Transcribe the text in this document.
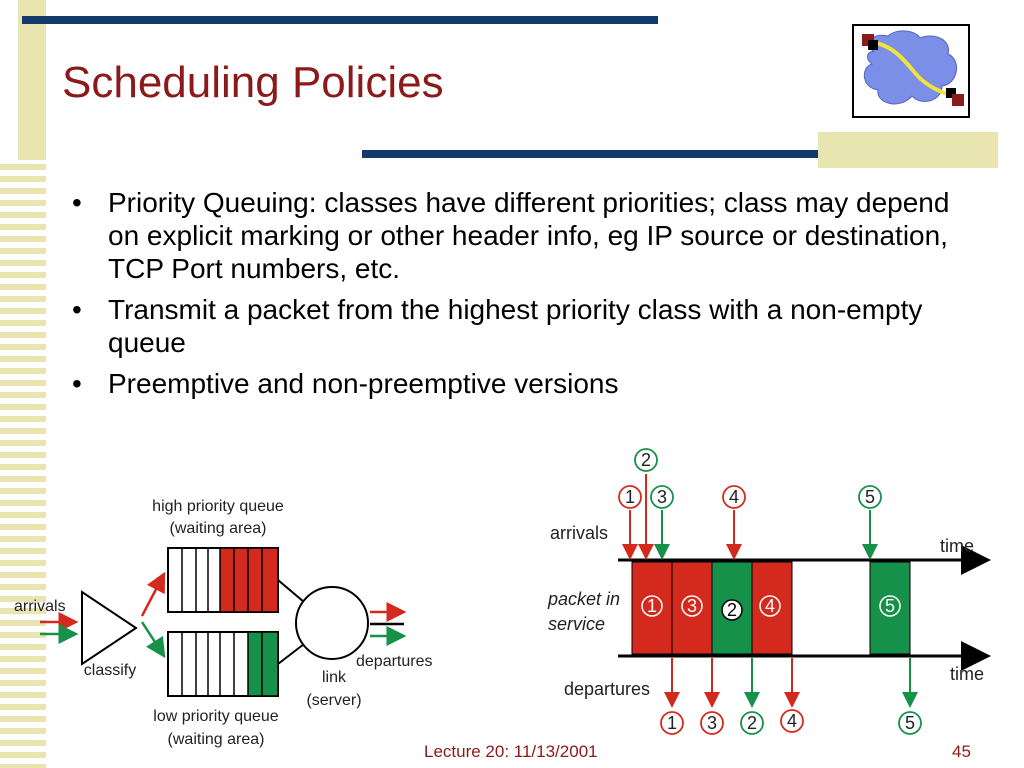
Scheduling Policies
• Priority Queuing: classes have different priorities; class may depend on explicit marking or other header info, eg IP source or destination, TCP Port numbers, etc.
• Transmit a packet from the highest priority class with a non-empty queue
• Preemptive and non-preemptive versions
high priority queue
(waiting area)
arrivals
classify	link
(server)
departures
low priority queue
(waiting area)
arrivals
packet in
service
departures
time
time
1 3 2 4	5
1
2
3	4	5
1 3 2 4	5
Lecture 20: 11/13/2001	45
